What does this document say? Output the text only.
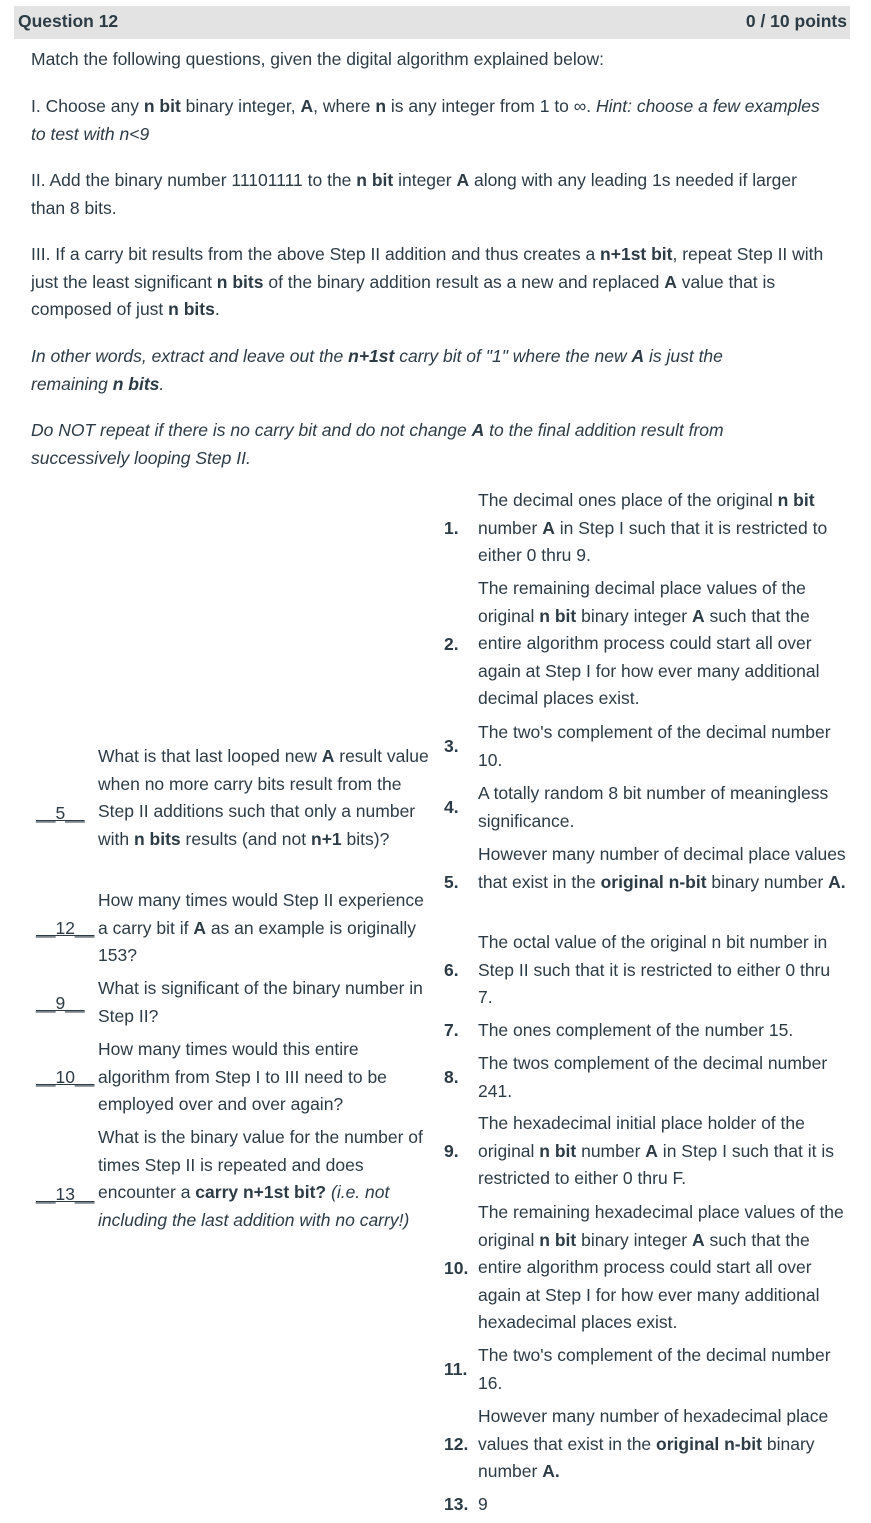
Question 12	0 / 10 points
Match the following questions, given the digital algorithm explained below:
I. Choose any n bit binary integer, A, where n is any integer from 1 to ∞. Hint: choose a few examples to test with n<9
II. Add the binary number 11101111 to the n bit integer A along with any leading 1s needed if larger than 8 bits.
III. If a carry bit results from the above Step II addition and thus creates a n+1st bit, repeat Step II with just the least significant n bits of the binary addition result as a new and replaced A value that is composed of just n bits.
In other words, extract and leave out the n+1st carry bit of "1" where the new A is just the remaining n bits.
Do NOT repeat if there is no carry bit and do not change A to the final addition result from successively looping Step II.
__5__
What is that last looped new A result value when no more carry bits result from the Step II additions such that only a number with n bits results (and not n+1 bits)?
__12__
How many times would Step II experience a carry bit if A as an example is originally 153?
__9__
What is significant of the binary number in Step II?
__10__
How many times would this entire algorithm from Step I to III need to be employed over and over again?
__13__
What is the binary value for the number of times Step II is repeated and does encounter a carry n+1st bit? (i.e. not including the last addition with no carry!)
1.
The decimal ones place of the original n bit number A in Step I such that it is restricted to either 0 thru 9.
2.
The remaining decimal place values of the original n bit binary integer A such that the entire algorithm process could start all over again at Step I for how ever many additional decimal places exist.
3.
The two's complement of the decimal number 10.
4.
A totally random 8 bit number of meaningless significance.
5.
However many number of decimal place values that exist in the original n-bit binary number A.
6.
The octal value of the original n bit number in Step II such that it is restricted to either 0 thru 7.
7.	The ones complement of the number 15.
8.
The twos complement of the decimal number 241.
9.
The hexadecimal initial place holder of the original n bit number A in Step I such that it is restricted to either 0 thru F.
10.
The remaining hexadecimal place values of the original n bit binary integer A such that the entire algorithm process could start all over again at Step I for how ever many additional hexadecimal places exist.
11.
The two's complement of the decimal number 16.
12.
However many number of hexadecimal place values that exist in the original n-bit binary number A.
13. 9
